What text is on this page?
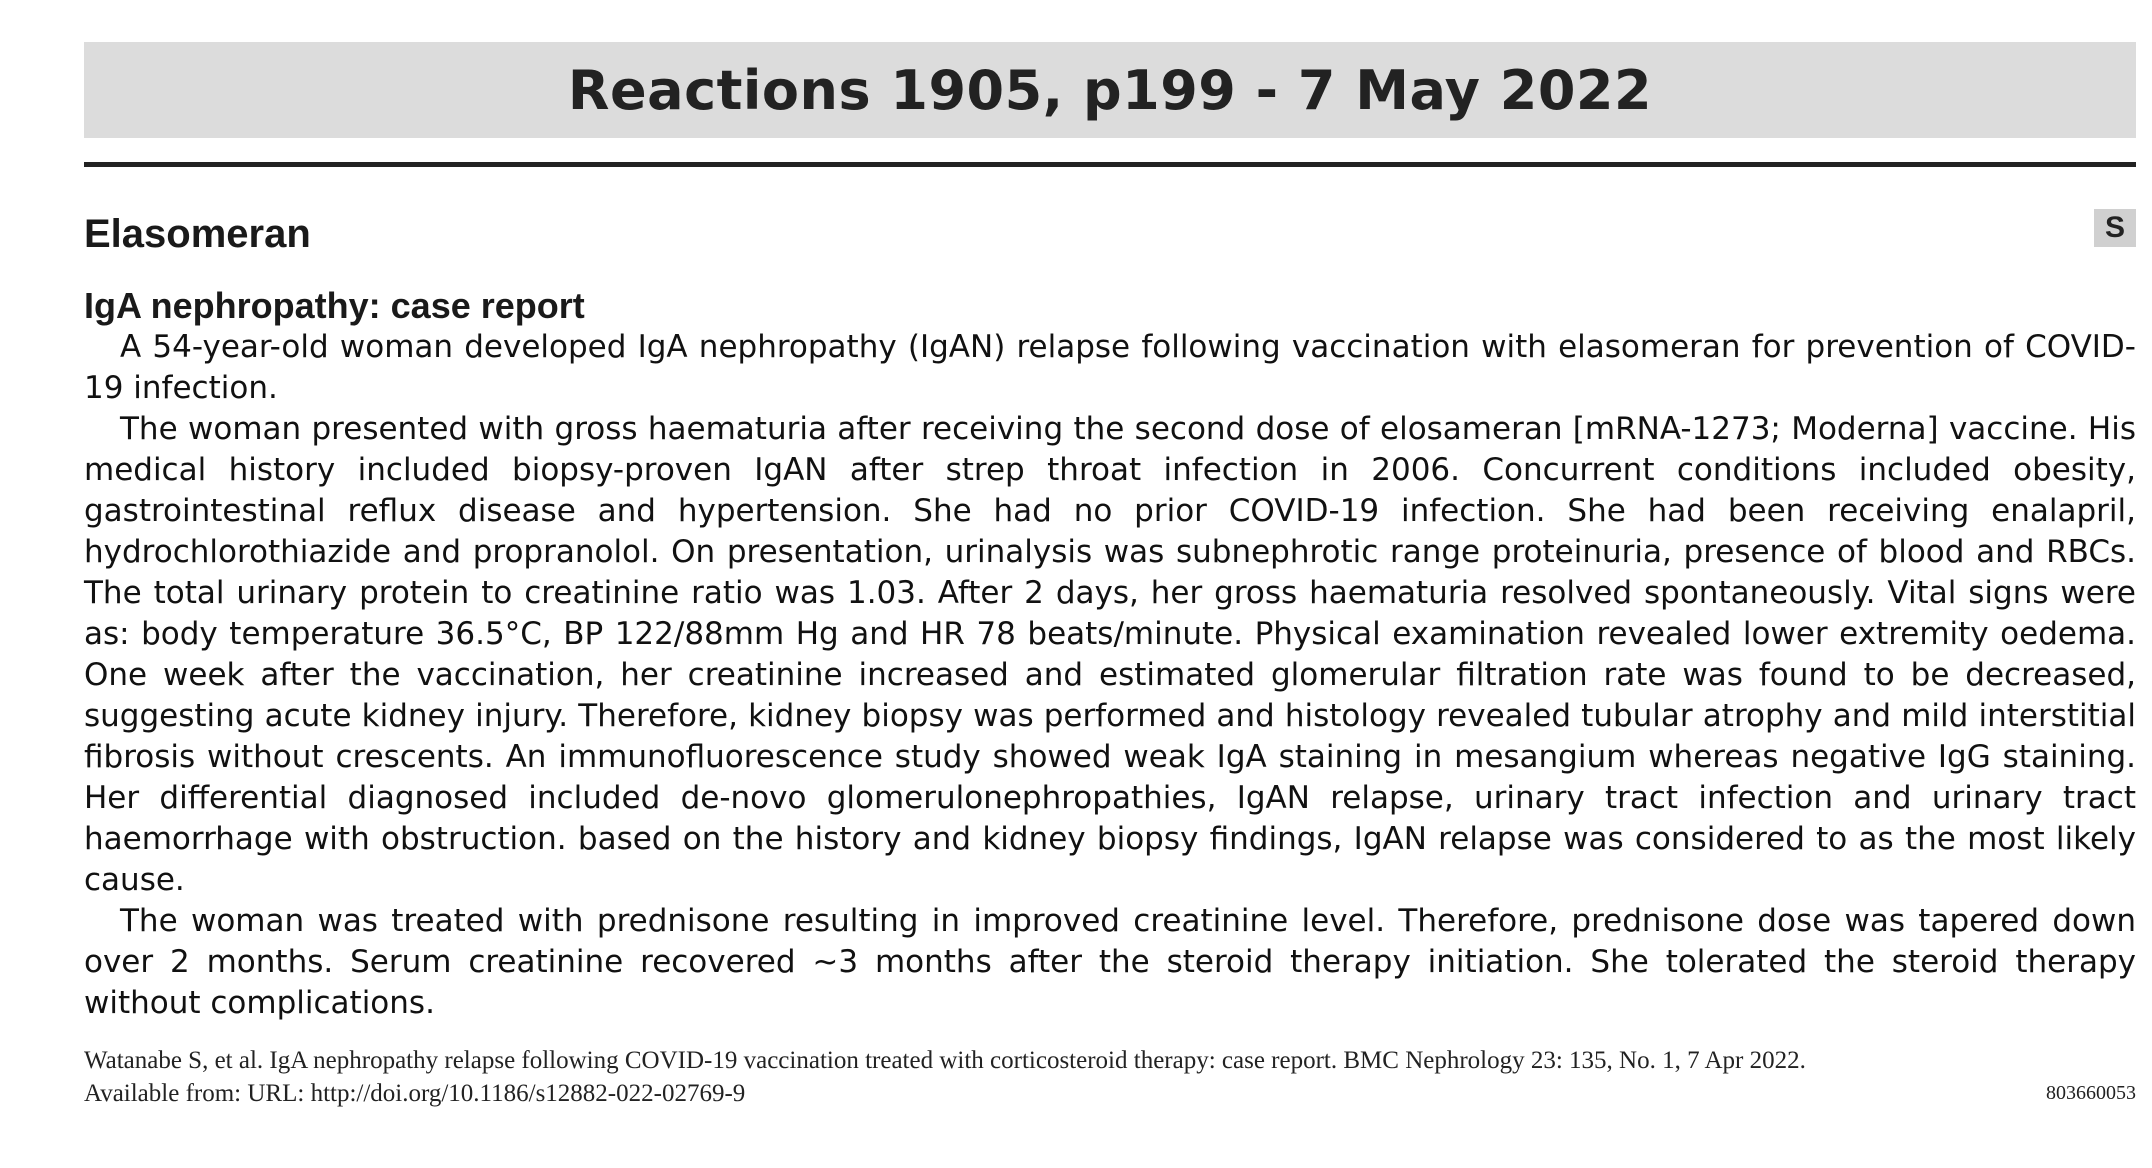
Reactions 1905, p199 - 7 May 2022
Elasomeran	S
IgA nephropathy: case report

A 54-year-old woman developed IgA nephropathy (IgAN) relapse following vaccination with elasomeran for prevention of COVID-19 infection.

The woman presented with gross haematuria after receiving the second dose of elosameran [mRNA-1273; Moderna] vaccine. His medical history included biopsy-proven IgAN after strep throat infection in 2006. Concurrent conditions included obesity, gastrointestinal reflux disease and hypertension. She had no prior COVID-19 infection. She had been receiving enalapril, hydrochlorothiazide and propranolol. On presentation, urinalysis was subnephrotic range proteinuria, presence of blood and RBCs. The total urinary protein to creatinine ratio was 1.03. After 2 days, her gross haematuria resolved spontaneously. Vital signs were as: body temperature 36.5°C, BP 122/88mm Hg and HR 78 beats/minute. Physical examination revealed lower extremity oedema. One week after the vaccination, her creatinine increased and estimated glomerular filtration rate was found to be decreased, suggesting acute kidney injury. Therefore, kidney biopsy was performed and histology revealed tubular atrophy and mild interstitial fibrosis without crescents. An immunofluorescence study showed weak IgA staining in mesangium whereas negative IgG staining. Her differential diagnosed included de-novo glomerulonephropathies, IgAN relapse, urinary tract infection and urinary tract haemorrhage with obstruction. based on the history and kidney biopsy findings, IgAN relapse was considered to as the most likely cause.

The woman was treated with prednisone resulting in improved creatinine level. Therefore, prednisone dose was tapered down over 2 months. Serum creatinine recovered ~3 months after the steroid therapy initiation. She tolerated the steroid therapy without complications.

Watanabe S, et al. IgA nephropathy relapse following COVID-19 vaccination treated with corticosteroid therapy: case report. BMC Nephrology 23: 135, No. 1, 7 Apr 2022.
Available from: URL: http://doi.org/10.1186/s12882-022-02769-9	803660053
